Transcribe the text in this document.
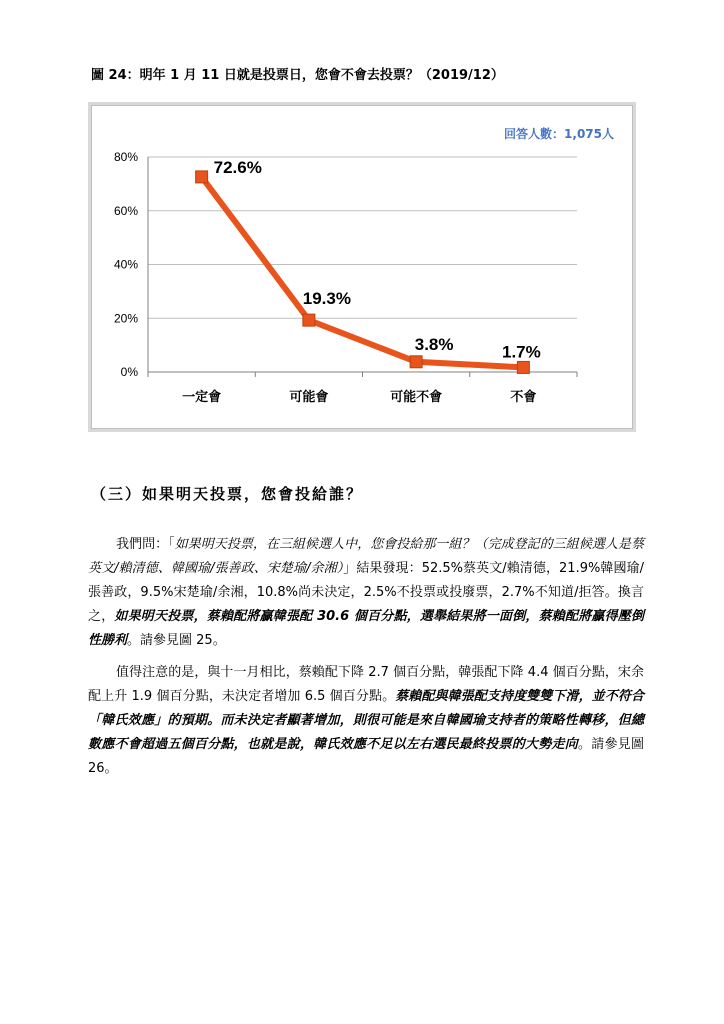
圖 24：明年 1 月 11 日就是投票日，您會不會去投票？（2019/12）

回答人數：1,075人

0%
20%
40%
60%
80%
一定會	可能會	可能不會	不會
72.6%
19.3%
3.8%	1.7%

（三）如果明天投票，您會投給誰？

我們問：「如果明天投票，在三組候選人中，您會投給那一組？（完成登記的三組候選人是蔡英文/賴清德、韓國瑜/張善政、宋楚瑜/余湘）」結果發現：52.5%蔡英文/賴清德，21.9%韓國瑜/張善政，9.5%宋楚瑜/余湘，10.8%尚未決定，2.5%不投票或投廢票，2.7%不知道/拒答。換言之，如果明天投票，蔡賴配將贏韓張配 30.6 個百分點，選舉結果將一面倒，蔡賴配將贏得壓倒性勝利。請參見圖 25。

值得注意的是，與十一月相比，蔡賴配下降 2.7 個百分點，韓張配下降 4.4 個百分點，宋余配上升 1.9 個百分點，未決定者增加 6.5 個百分點。蔡賴配與韓張配支持度雙雙下滑，並不符合「韓氏效應」的預期。而未決定者顯著增加，則很可能是來自韓國瑜支持者的策略性轉移，但總數應不會超過五個百分點，也就是說，韓氏效應不足以左右選民最終投票的大勢走向。請參見圖 26。
